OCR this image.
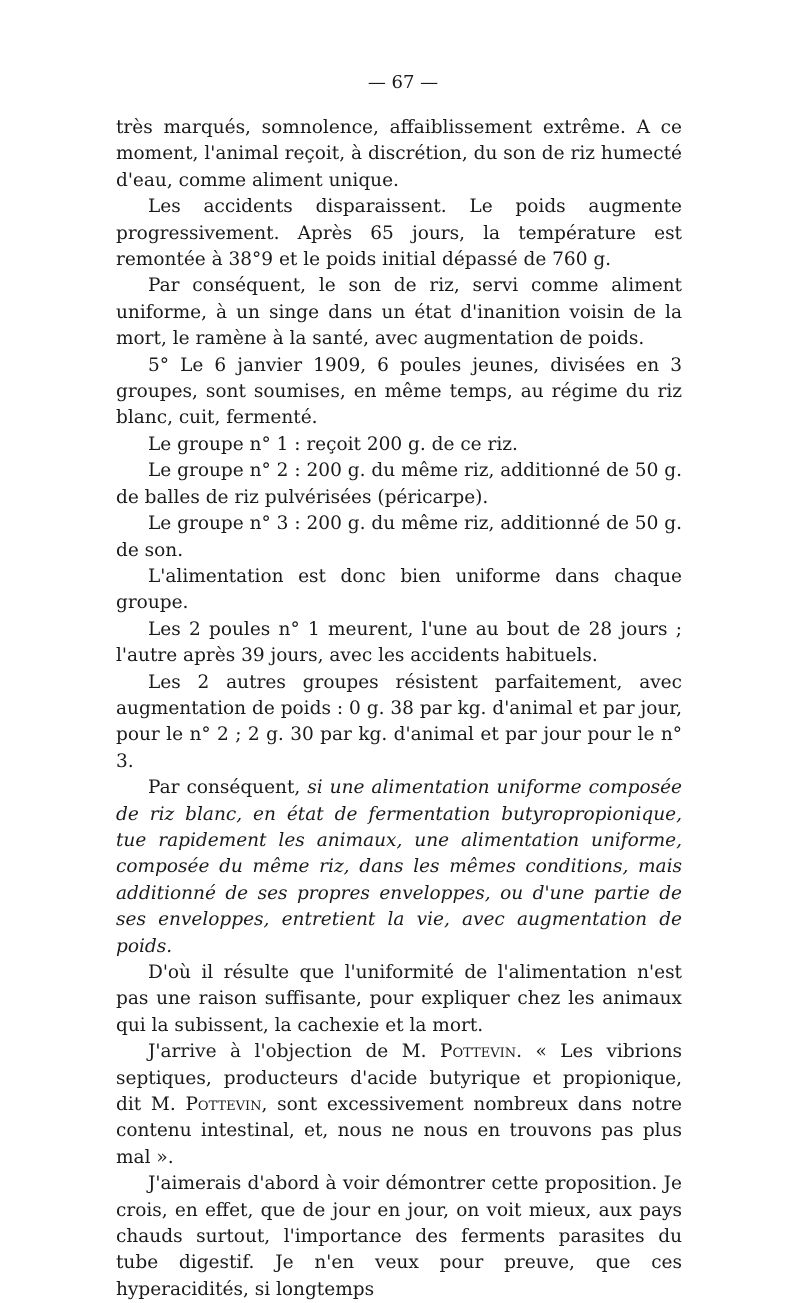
— 67 —

très marqués, somnolence, affaiblissement extrême. A ce moment, l'animal reçoit, à discrétion, du son de riz humecté d'eau, comme aliment unique.

Les accidents disparaissent. Le poids augmente progressivement. Après 65 jours, la température est remontée à 38°9 et le poids initial dépassé de 760 g.

Par conséquent, le son de riz, servi comme aliment uniforme, à un singe dans un état d'inanition voisin de la mort, le ramène à la santé, avec augmentation de poids.

5° Le 6 janvier 1909, 6 poules jeunes, divisées en 3 groupes, sont soumises, en même temps, au régime du riz blanc, cuit, fermenté.

Le groupe n° 1 : reçoit 200 g. de ce riz.

Le groupe n° 2 : 200 g. du même riz, additionné de 50 g. de balles de riz pulvérisées (péricarpe).

Le groupe n° 3 : 200 g. du même riz, additionné de 50 g. de son.

L'alimentation est donc bien uniforme dans chaque groupe.

Les 2 poules n° 1 meurent, l'une au bout de 28 jours ; l'autre après 39 jours, avec les accidents habituels.

Les 2 autres groupes résistent parfaitement, avec augmentation de poids : 0 g. 38 par kg. d'animal et par jour, pour le n° 2 ; 2 g. 30 par kg. d'animal et par jour pour le n° 3.

Par conséquent, si une alimentation uniforme composée de riz blanc, en état de fermentation butyropropionique, tue rapidement les animaux, une alimentation uniforme, composée du même riz, dans les mêmes conditions, mais additionné de ses propres enveloppes, ou d'une partie de ses enveloppes, entretient la vie, avec augmentation de poids.

D'où il résulte que l'uniformité de l'alimentation n'est pas une raison suffisante, pour expliquer chez les animaux qui la subissent, la cachexie et la mort.

J'arrive à l'objection de M. Pottevin. « Les vibrions septiques, producteurs d'acide butyrique et propionique, dit M. Pottevin, sont excessivement nombreux dans notre contenu intestinal, et, nous ne nous en trouvons pas plus mal ».

J'aimerais d'abord à voir démontrer cette proposition. Je crois, en effet, que de jour en jour, on voit mieux, aux pays chauds surtout, l'importance des ferments parasites du tube digestif. Je n'en veux pour preuve, que ces hyperacidités, si longtemps
